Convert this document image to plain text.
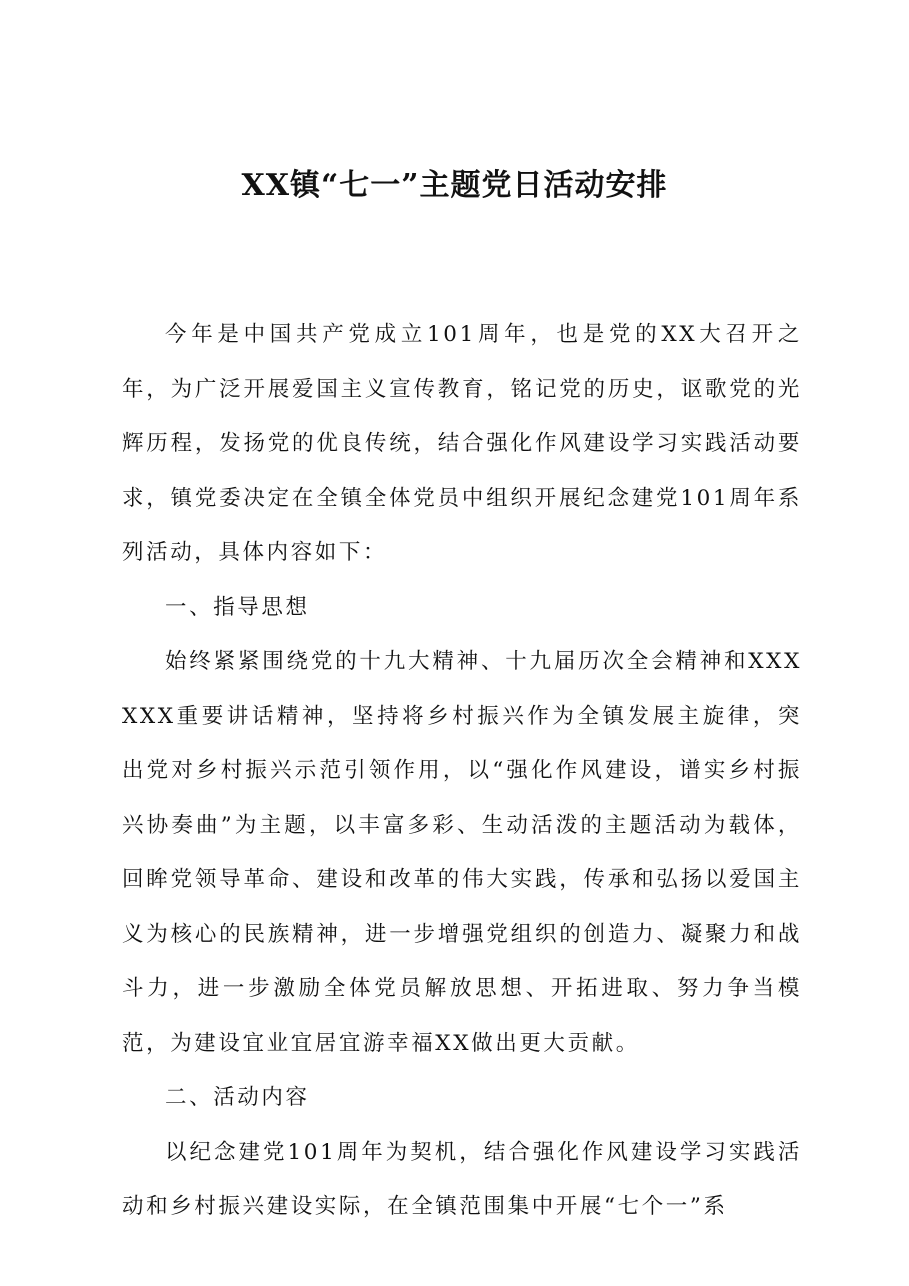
XX镇“七一”主题党日活动安排

今年是中国共产党成立101周年，也是党的XX大召开之年，为广泛开展爱国主义宣传教育，铭记党的历史，讴歌党的光辉历程，发扬党的优良传统，结合强化作风建设学习实践活动要求，镇党委决定在全镇全体党员中组织开展纪念建党101周年系列活动，具体内容如下：

一、指导思想

始终紧紧围绕党的十九大精神、十九届历次全会精神和XXXXXX重要讲话精神，坚持将乡村振兴作为全镇发展主旋律，突出党对乡村振兴示范引领作用，以“强化作风建设，谱实乡村振兴协奏曲”为主题，以丰富多彩、生动活泼的主题活动为载体，回眸党领导革命、建设和改革的伟大实践，传承和弘扬以爱国主义为核心的民族精神，进一步增强党组织的创造力、凝聚力和战斗力，进一步激励全体党员解放思想、开拓进取、努力争当模范，为建设宜业宜居宜游幸福XX做出更大贡献。

二、活动内容

以纪念建党101周年为契机，结合强化作风建设学习实践活动和乡村振兴建设实际，在全镇范围集中开展“七个一”系
